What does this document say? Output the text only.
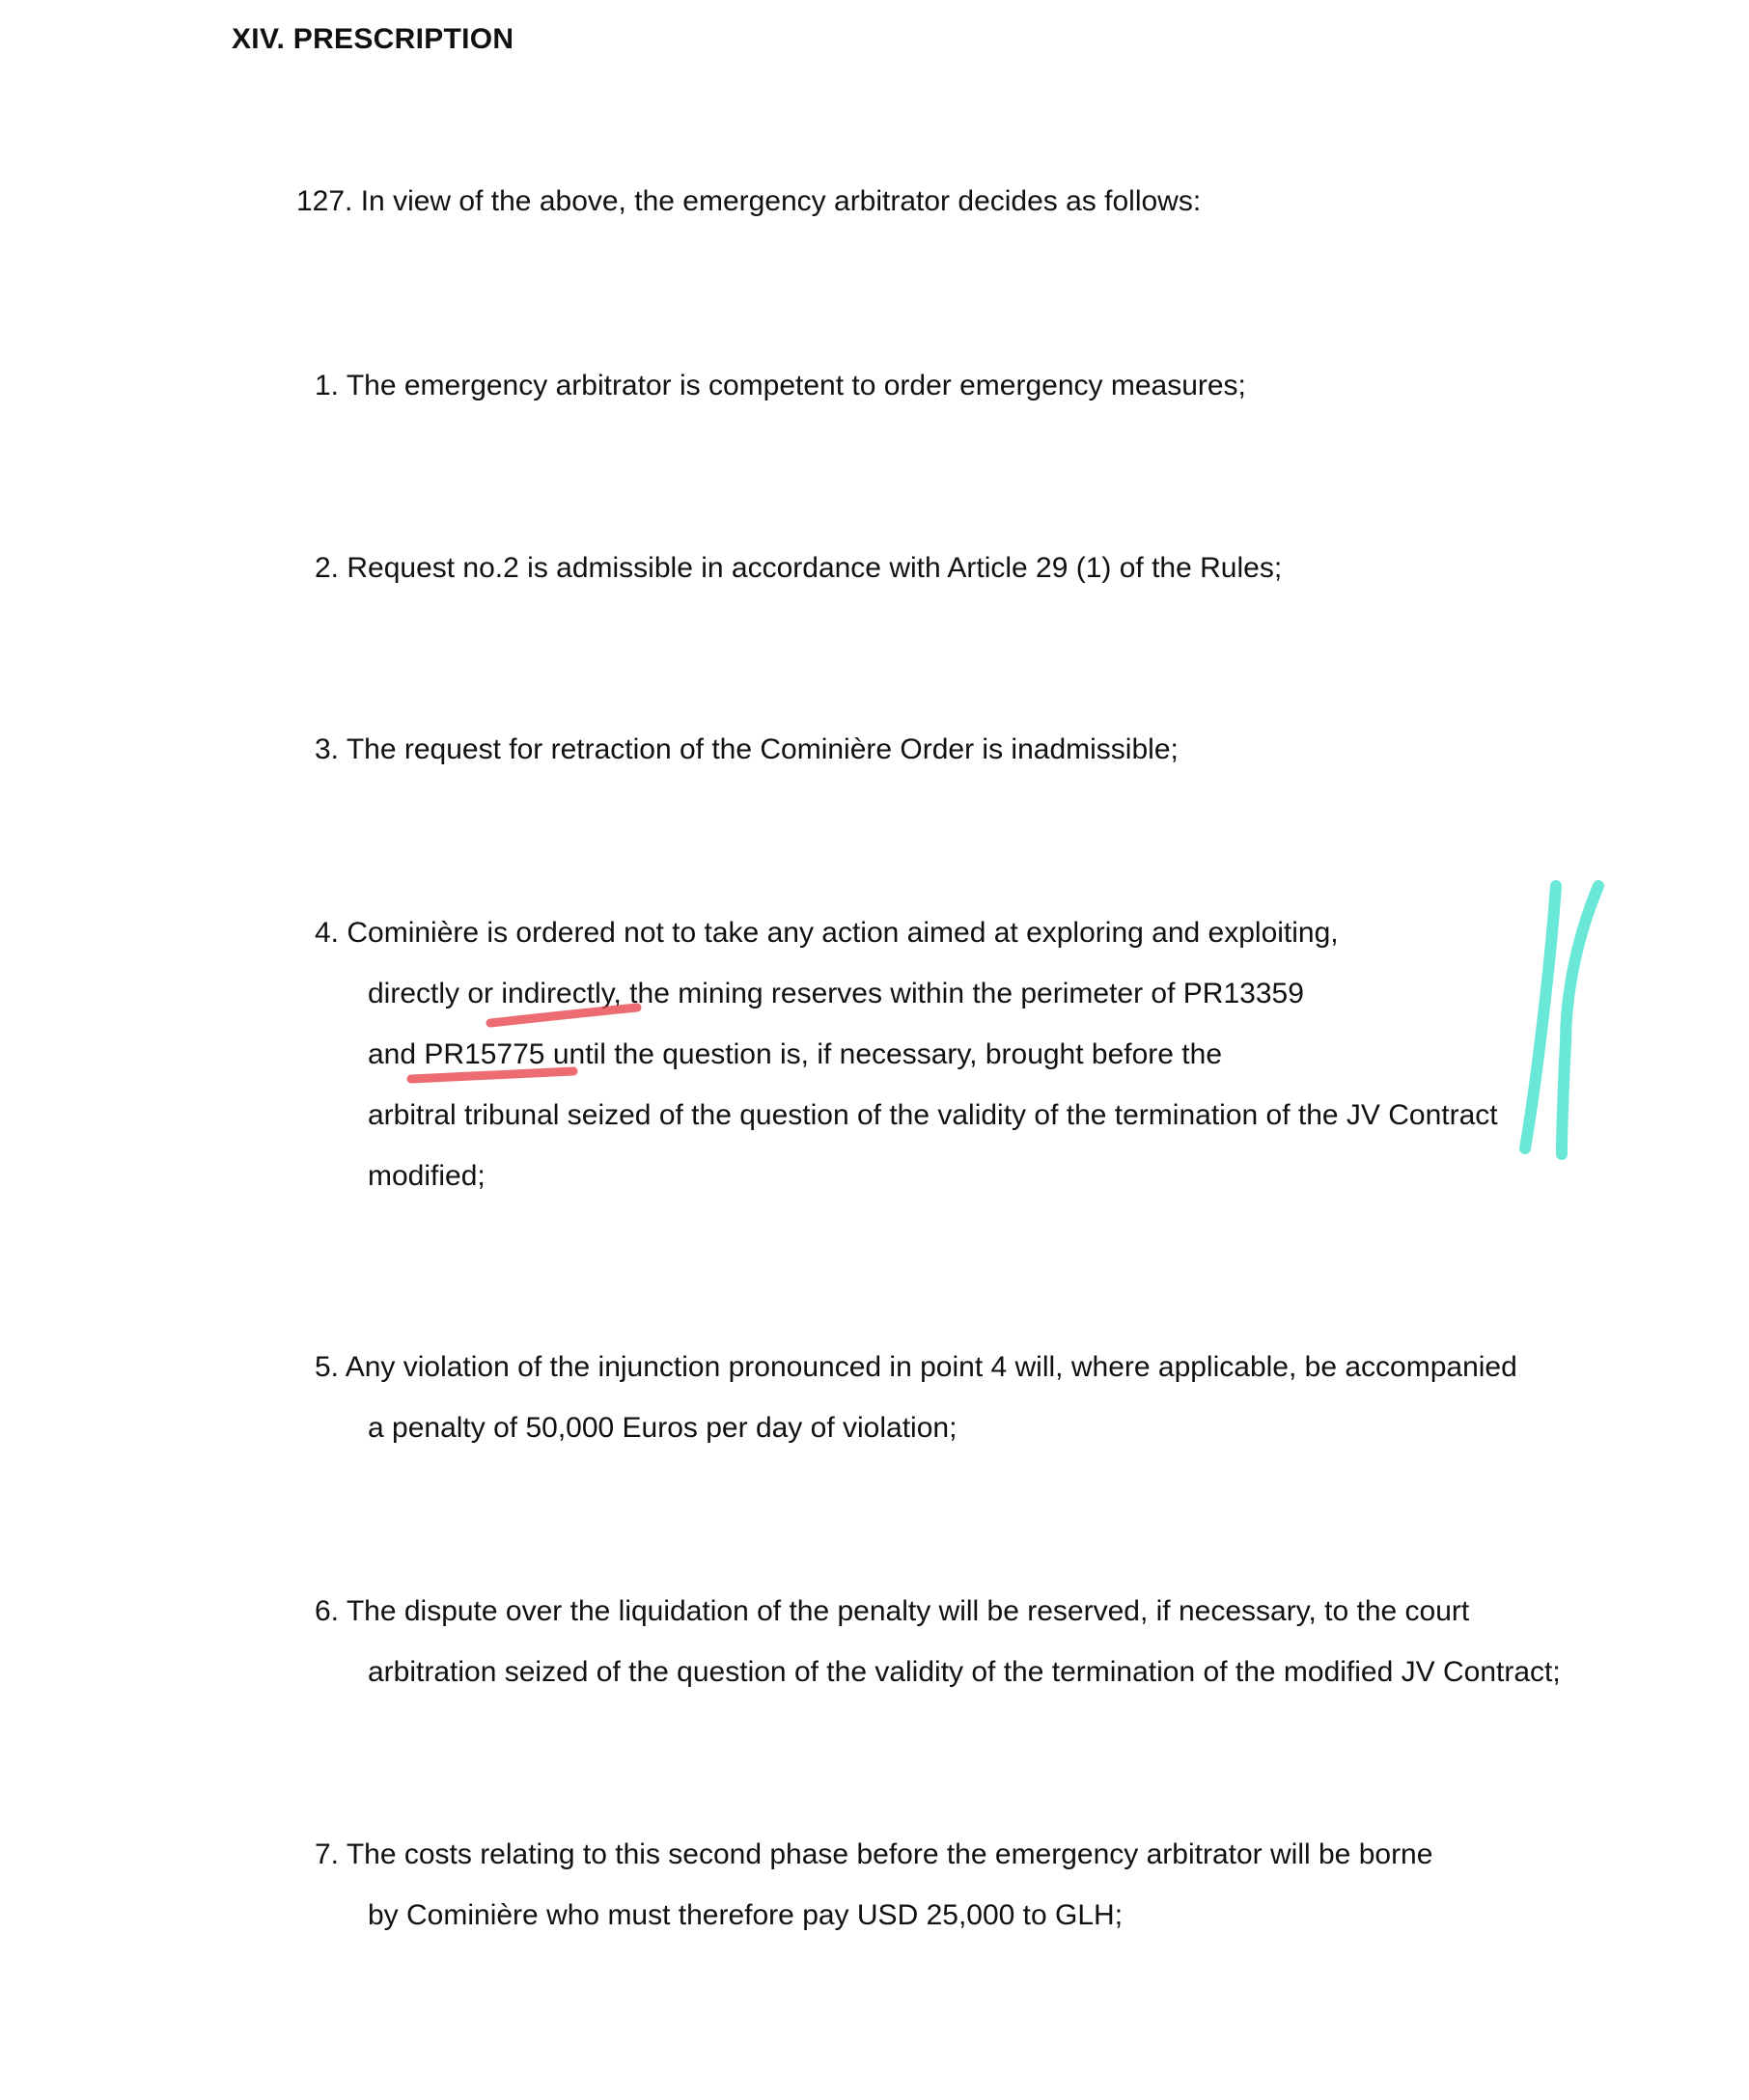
XIV. PRESCRIPTION
127. In view of the above, the emergency arbitrator decides as follows:
1. The emergency arbitrator is competent to order emergency measures;
2. Request no.2 is admissible in accordance with Article 29 (1) of the Rules;
3. The request for retraction of the Cominière Order is inadmissible;
4. Cominière is ordered not to take any action aimed at exploring and exploiting,
directly or indirectly, the mining reserves within the perimeter of PR13359
and PR15775 until the question is, if necessary, brought before the
arbitral tribunal seized of the question of the validity of the termination of the JV Contract
modified;
5. Any violation of the injunction pronounced in point 4 will, where applicable, be accompanied
a penalty of 50,000 Euros per day of violation;
6. The dispute over the liquidation of the penalty will be reserved, if necessary, to the court
arbitration seized of the question of the validity of the termination of the modified JV Contract;
7. The costs relating to this second phase before the emergency arbitrator will be borne
by Cominière who must therefore pay USD 25,000 to GLH;
